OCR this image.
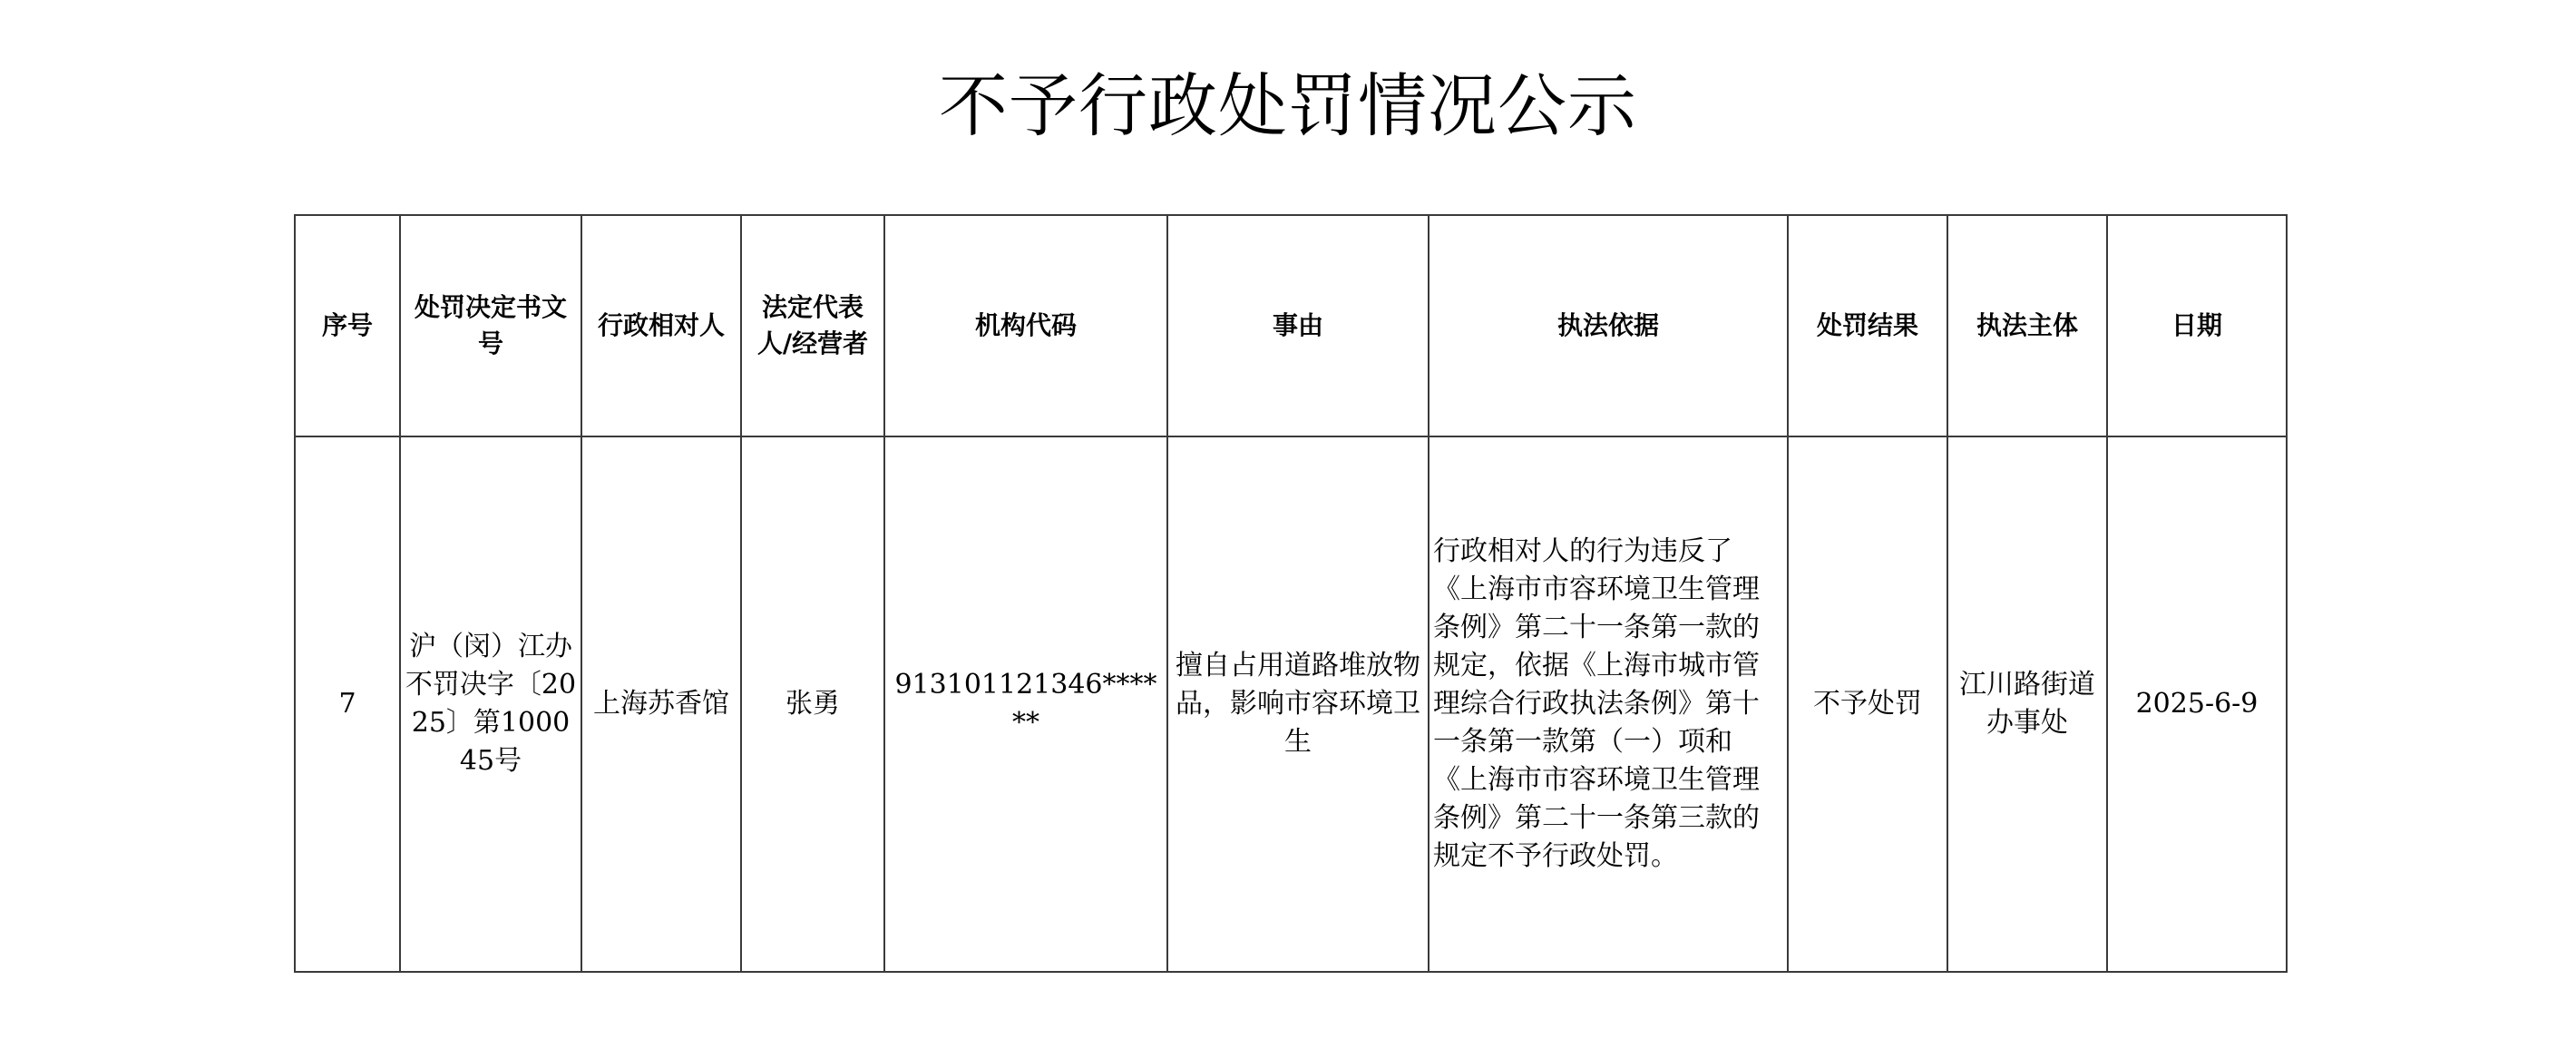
不予行政处罚情况公示
序号	处罚决定书文号	行政相对人	法定代表人/经营者	机构代码	事由	执法依据	处罚结果	执法主体	日期
7	沪（闵）江办不罚决字〔2025〕第100045号	上海苏香馆	张勇	913101121346******	擅自占用道路堆放物品，影响市容环境卫生	行政相对人的行为违反了《上海市市容环境卫生管理条例》第二十一条第一款的规定，依据《上海市城市管理综合行政执法条例》第十一条第一款第（一）项和《上海市市容环境卫生管理条例》第二十一条第三款的规定不予行政处罚。	不予处罚	江川路街道办事处	2025-6-9
